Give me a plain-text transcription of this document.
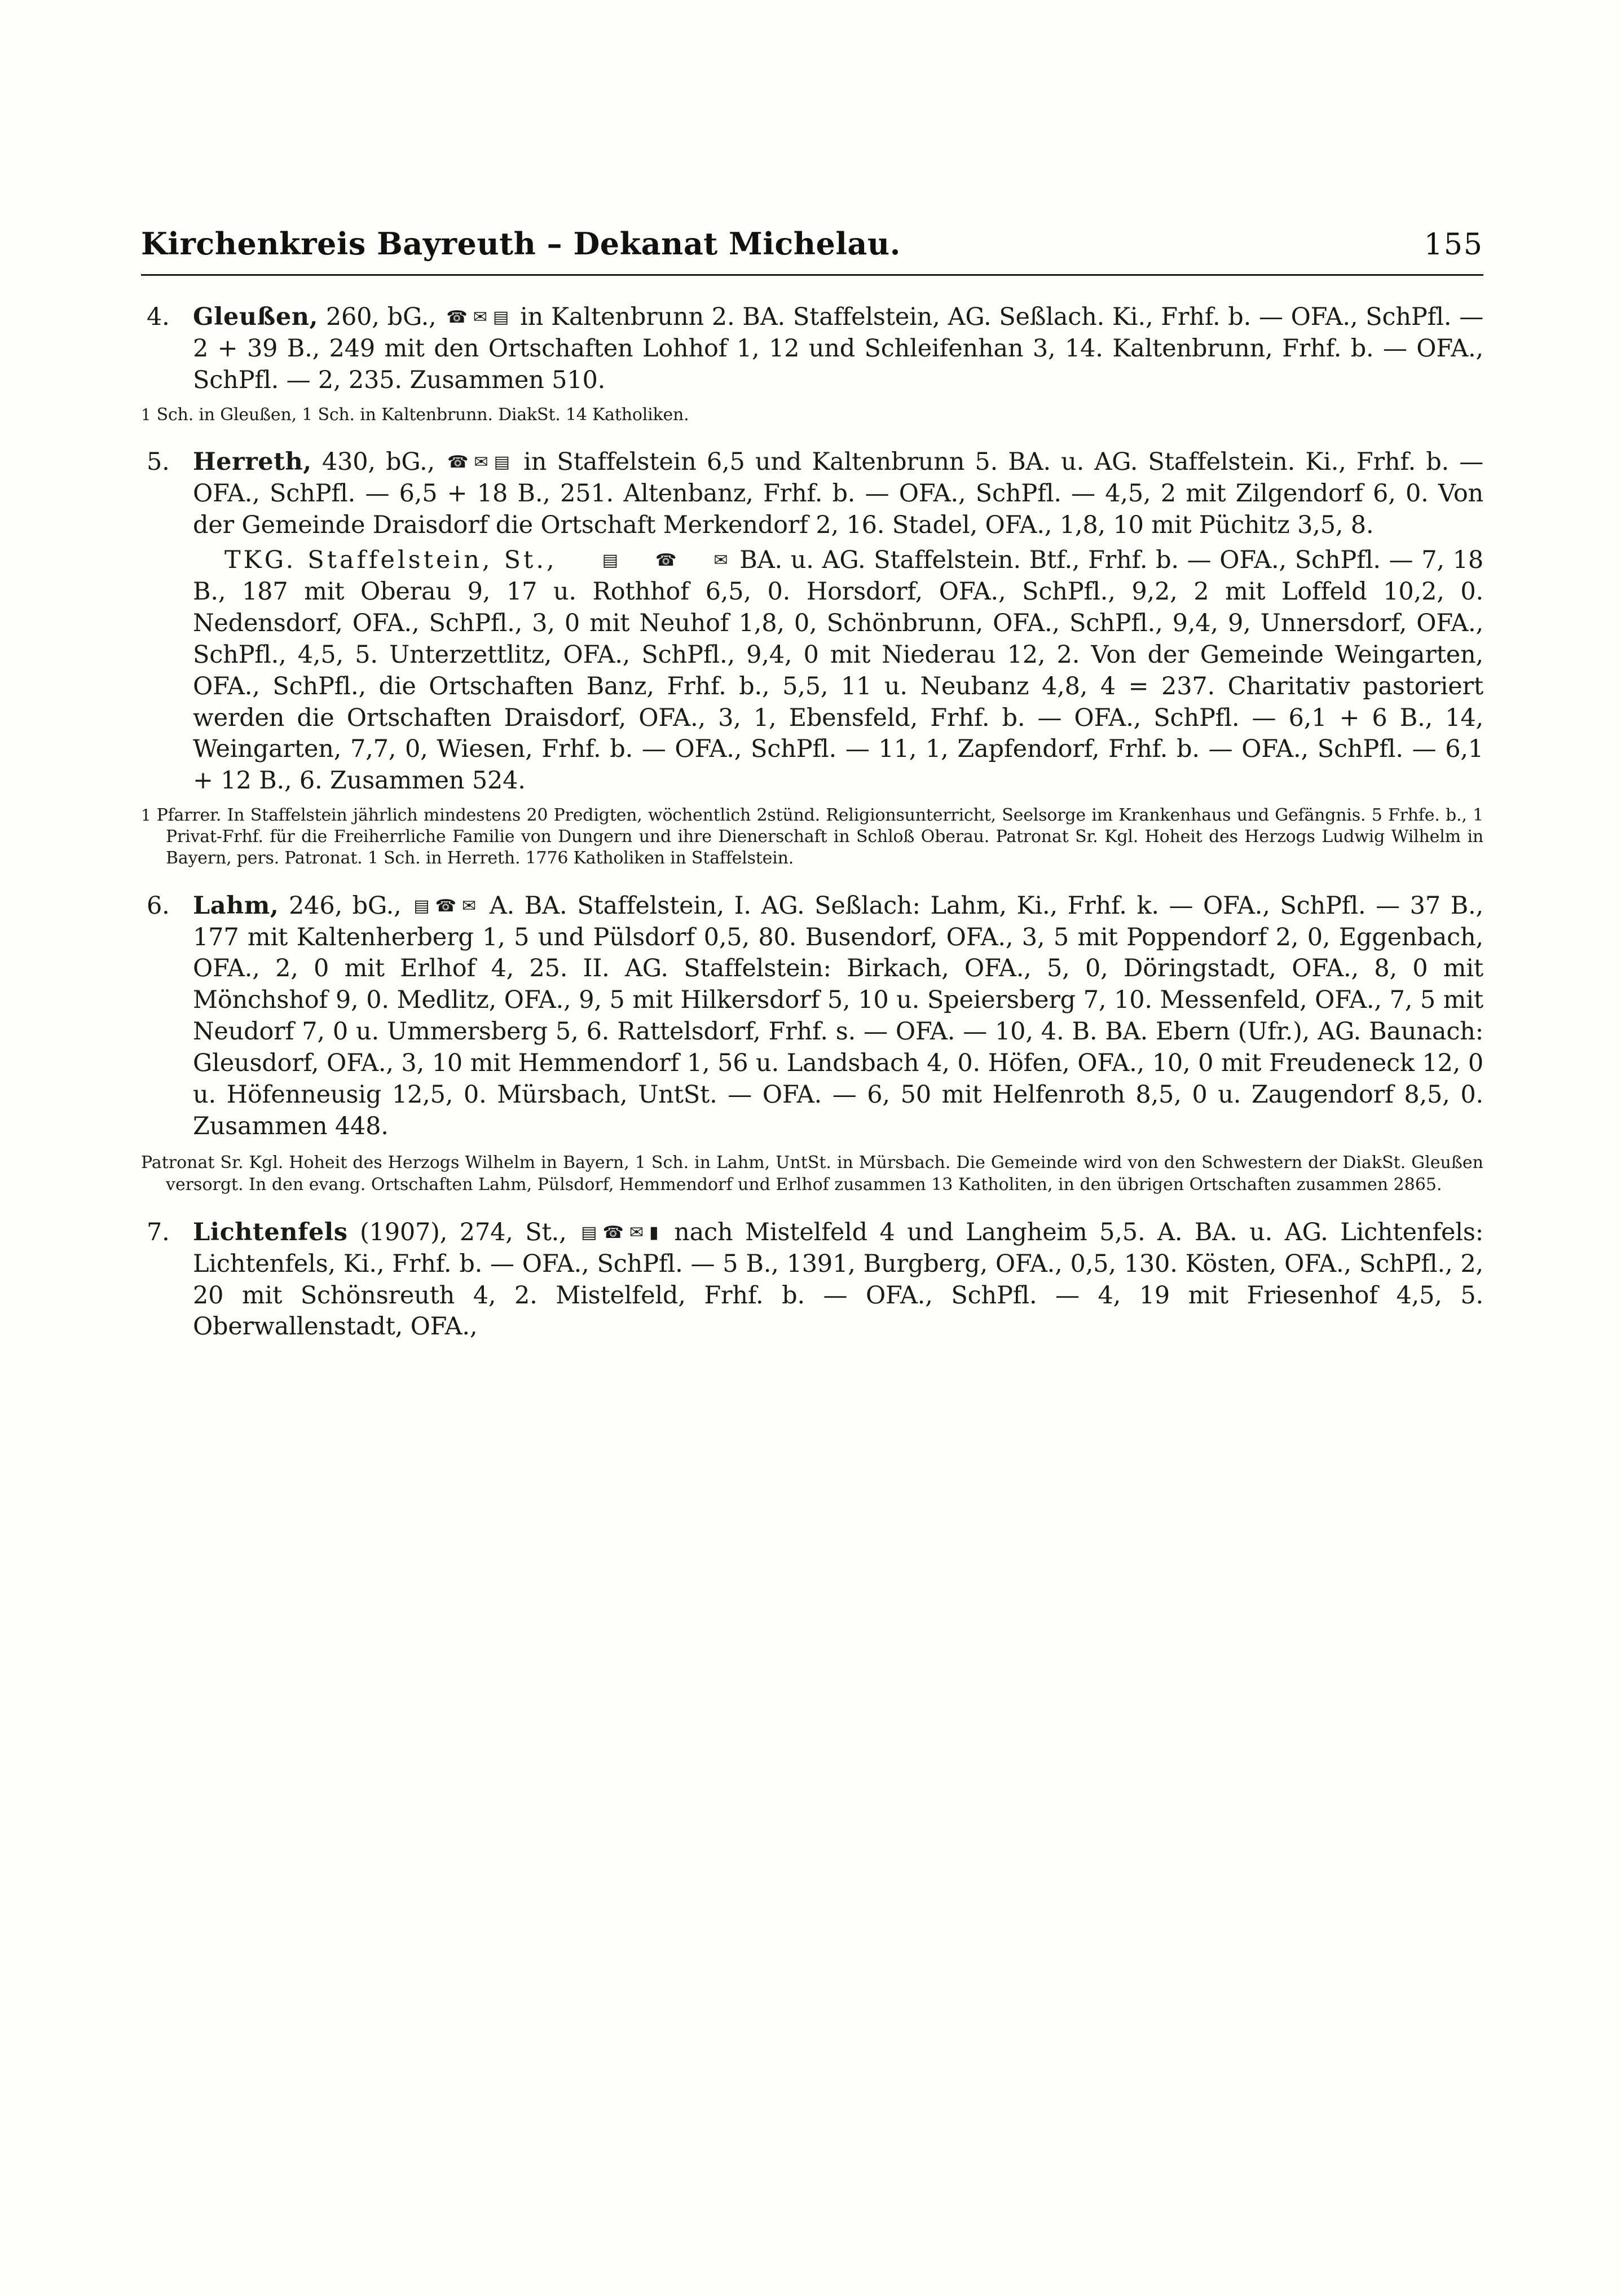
Kirchenkreis Bayreuth – Dekanat Michelau.	155
4. Gleußen, 260, bG., ☎ ✉ ▤ in Kaltenbrunn 2. BA. Staffelstein, AG. Seßlach. Ki., Frhf. b. — OFA., SchPfl. — 2 + 39 B., 249 mit den Ortschaften Lohhof 1, 12 und Schleifenhan 3, 14. Kaltenbrunn, Frhf. b. — OFA., SchPfl. — 2, 235. Zusammen 510.
1 Sch. in Gleußen, 1 Sch. in Kaltenbrunn. DiakSt. 14 Katholiken.
5. Herreth, 430, bG., ☎ ✉ ▤ in Staffelstein 6,5 und Kaltenbrunn 5. BA. u. AG. Staffelstein. Ki., Frhf. b. — OFA., SchPfl. — 6,5 + 18 B., 251. Altenbanz, Frhf. b. — OFA., SchPfl. — 4,5, 2 mit Zilgendorf 6, 0. Von der Gemeinde Draisdorf die Ortschaft Merkendorf 2, 16. Stadel, OFA., 1,8, 10 mit Püchitz 3,5, 8.
TKG. Staffelstein, St., ▤ ☎ ✉ BA. u. AG. Staffelstein. Btf., Frhf. b. — OFA., SchPfl. — 7, 18 B., 187 mit Oberau 9, 17 u. Rothhof 6,5, 0. Horsdorf, OFA., SchPfl., 9,2, 2 mit Loffeld 10,2, 0. Nedensdorf, OFA., SchPfl., 3, 0 mit Neuhof 1,8, 0, Schönbrunn, OFA., SchPfl., 9,4, 9, Unnersdorf, OFA., SchPfl., 4,5, 5. Unterzettlitz, OFA., SchPfl., 9,4, 0 mit Niederau 12, 2. Von der Gemeinde Weingarten, OFA., SchPfl., die Ortschaften Banz, Frhf. b., 5,5, 11 u. Neubanz 4,8, 4 = 237. Charitativ pastoriert werden die Ortschaften Draisdorf, OFA., 3, 1, Ebensfeld, Frhf. b. — OFA., SchPfl. — 6,1 + 6 B., 14, Weingarten, 7,7, 0, Wiesen, Frhf. b. — OFA., SchPfl. — 11, 1, Zapfendorf, Frhf. b. — OFA., SchPfl. — 6,1 + 12 B., 6. Zusammen 524.
1 Pfarrer. In Staffelstein jährlich mindestens 20 Predigten, wöchentlich 2stünd. Religionsunterricht, Seelsorge im Krankenhaus und Gefängnis. 5 Frhfe. b., 1 Privat-Frhf. für die Freiherrliche Familie von Dungern und ihre Dienerschaft in Schloß Oberau. Patronat Sr. Kgl. Hoheit des Herzogs Ludwig Wilhelm in Bayern, pers. Patronat. 1 Sch. in Herreth. 1776 Katholiken in Staffelstein.
6. Lahm, 246, bG., ▤ ☎ ✉ A. BA. Staffelstein, I. AG. Seßlach: Lahm, Ki., Frhf. k. — OFA., SchPfl. — 37 B., 177 mit Kaltenherberg 1, 5 und Pülsdorf 0,5, 80. Busendorf, OFA., 3, 5 mit Poppendorf 2, 0, Eggenbach, OFA., 2, 0 mit Erlhof 4, 25. II. AG. Staffelstein: Birkach, OFA., 5, 0, Döringstadt, OFA., 8, 0 mit Mönchshof 9, 0. Medlitz, OFA., 9, 5 mit Hilkersdorf 5, 10 u. Speiersberg 7, 10. Messenfeld, OFA., 7, 5 mit Neudorf 7, 0 u. Ummersberg 5, 6. Rattelsdorf, Frhf. s. — OFA. — 10, 4. B. BA. Ebern (Ufr.), AG. Baunach: Gleusdorf, OFA., 3, 10 mit Hemmendorf 1, 56 u. Landsbach 4, 0. Höfen, OFA., 10, 0 mit Freudeneck 12, 0 u. Höfenneusig 12,5, 0. Mürsbach, UntSt. — OFA. — 6, 50 mit Helfenroth 8,5, 0 u. Zaugendorf 8,5, 0. Zusammen 448.
Patronat Sr. Kgl. Hoheit des Herzogs Wilhelm in Bayern, 1 Sch. in Lahm, UntSt. in Mürsbach. Die Gemeinde wird von den Schwestern der DiakSt. Gleußen versorgt. In den evang. Ortschaften Lahm, Pülsdorf, Hemmendorf und Erlhof zusammen 13 Katholiten, in den übrigen Ortschaften zusammen 2865.
7. Lichtenfels (1907), 274, St., ▤ ☎ ✉ ▮ nach Mistelfeld 4 und Langheim 5,5. A. BA. u. AG. Lichtenfels: Lichtenfels, Ki., Frhf. b. — OFA., SchPfl. — 5 B., 1391, Burgberg, OFA., 0,5, 130. Kösten, OFA., SchPfl., 2, 20 mit Schönsreuth 4, 2. Mistelfeld, Frhf. b. — OFA., SchPfl. — 4, 19 mit Friesenhof 4,5, 5. Oberwallenstadt, OFA.,
